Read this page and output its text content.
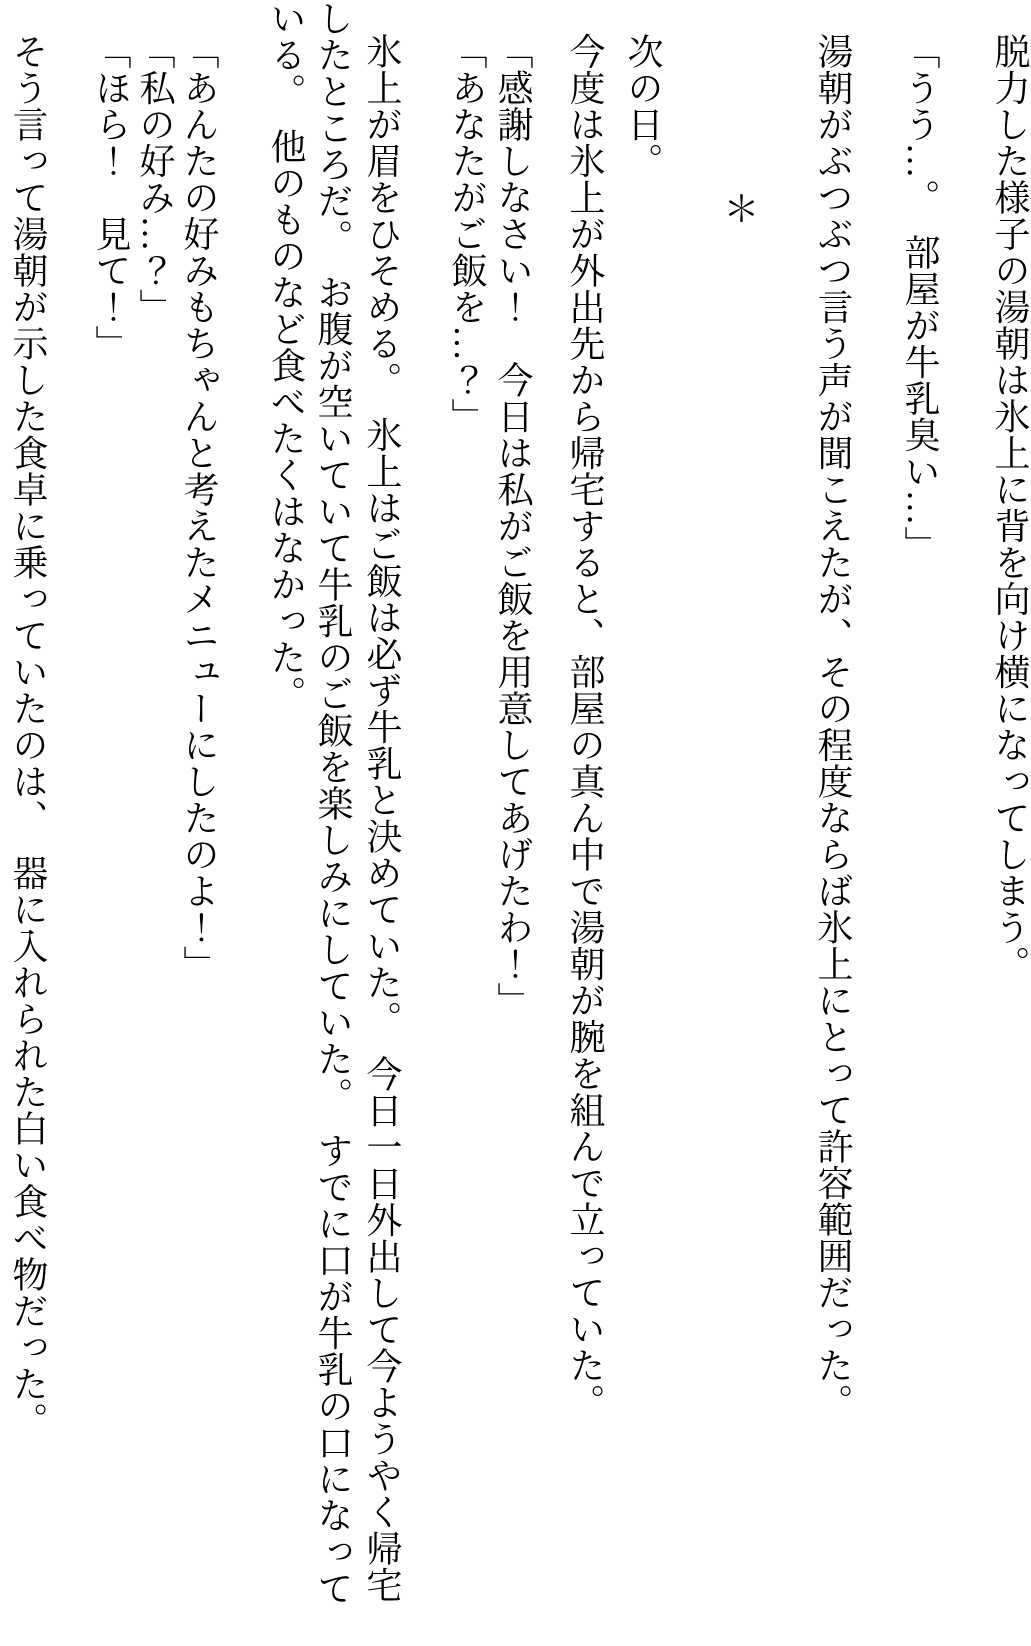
脱力した様子の湯朝は氷上に背を向け横になってしまう。
「うう…。　部屋が牛乳臭い…」
湯朝がぶつぶつ言う声が聞こえたが、その程度ならば氷上にとって許容範囲だった。
＊
次の日。
今度は氷上が外出先から帰宅すると、部屋の真ん中で湯朝が腕を組んで立っていた。
「感謝しなさい！　今日は私がご飯を用意してあげたわ！」
「あなたがご飯を…？」
氷上が眉をひそめる。　氷上はご飯は必ず牛乳と決めていた。　今日一日外出して今ようやく帰宅
したところだ。　お腹が空いていて牛乳のご飯を楽しみにしていた。　すでに口が牛乳の口になって
いる。　他のものなど食べたくはなかった。
「あんたの好みもちゃんと考えたメニューにしたのよ！」
「私の好み…？」
「ほら！　見て！」
そう言って湯朝が示した食卓に乗っていたのは、　器に入れられた白い食べ物だった。
